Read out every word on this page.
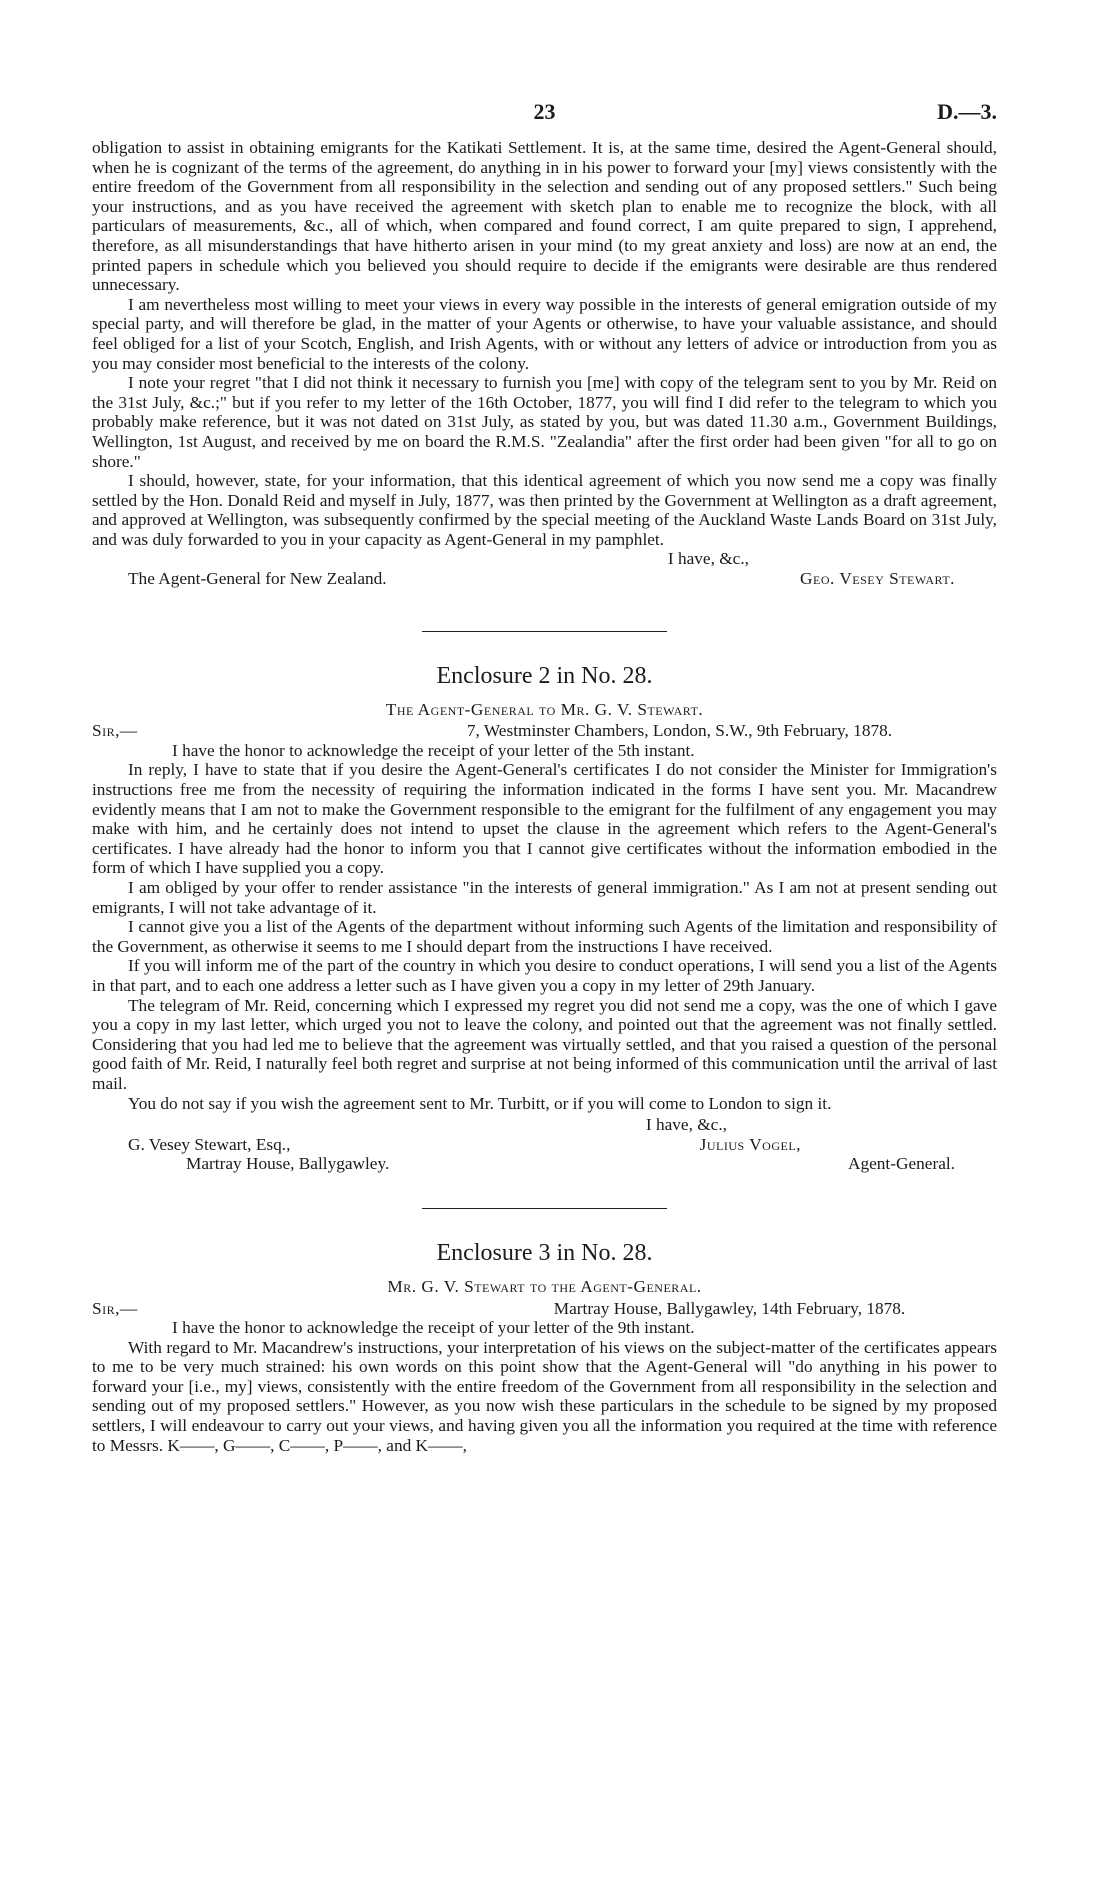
23	D.—3.

obligation to assist in obtaining emigrants for the Katikati Settlement. It is, at the same time, desired the Agent-General should, when he is cognizant of the terms of the agreement, do anything in in his power to forward your [my] views consistently with the entire freedom of the Government from all responsibility in the selection and sending out of any proposed settlers." Such being your instructions, and as you have received the agreement with sketch plan to enable me to recognize the block, with all particulars of measurements, &c., all of which, when compared and found correct, I am quite prepared to sign, I apprehend, therefore, as all misunderstandings that have hitherto arisen in your mind (to my great anxiety and loss) are now at an end, the printed papers in schedule which you believed you should require to decide if the emigrants were desirable are thus rendered unnecessary.

I am nevertheless most willing to meet your views in every way possible in the interests of general emigration outside of my special party, and will therefore be glad, in the matter of your Agents or otherwise, to have your valuable assistance, and should feel obliged for a list of your Scotch, English, and Irish Agents, with or without any letters of advice or introduction from you as you may consider most beneficial to the interests of the colony.

I note your regret "that I did not think it necessary to furnish you [me] with copy of the telegram sent to you by Mr. Reid on the 31st July, &c.;" but if you refer to my letter of the 16th October, 1877, you will find I did refer to the telegram to which you probably make reference, but it was not dated on 31st July, as stated by you, but was dated 11.30 a.m., Government Buildings, Wellington, 1st August, and received by me on board the R.M.S. "Zealandia" after the first order had been given "for all to go on shore."

I should, however, state, for your information, that this identical agreement of which you now send me a copy was finally settled by the Hon. Donald Reid and myself in July, 1877, was then printed by the Government at Wellington as a draft agreement, and approved at Wellington, was subsequently confirmed by the special meeting of the Auckland Waste Lands Board on 31st July, and was duly forwarded to you in your capacity as Agent-General in my pamphlet.

I have, &c.,
The Agent-General for New Zealand.	Geo. Vesey Stewart.
Enclosure 2 in No. 28.
The Agent-General to Mr. G. V. Stewart.
Sir,—	7, Westminster Chambers, London, S.W., 9th February, 1878.

I have the honor to acknowledge the receipt of your letter of the 5th instant.

In reply, I have to state that if you desire the Agent-General's certificates I do not consider the Minister for Immigration's instructions free me from the necessity of requiring the information indicated in the forms I have sent you. Mr. Macandrew evidently means that I am not to make the Government responsible to the emigrant for the fulfilment of any engagement you may make with him, and he certainly does not intend to upset the clause in the agreement which refers to the Agent-General's certificates. I have already had the honor to inform you that I cannot give certificates without the information embodied in the form of which I have supplied you a copy.

I am obliged by your offer to render assistance "in the interests of general immigration." As I am not at present sending out emigrants, I will not take advantage of it.

I cannot give you a list of the Agents of the department without informing such Agents of the limitation and responsibility of the Government, as otherwise it seems to me I should depart from the instructions I have received.

If you will inform me of the part of the country in which you desire to conduct operations, I will send you a list of the Agents in that part, and to each one address a letter such as I have given you a copy in my letter of 29th January.

The telegram of Mr. Reid, concerning which I expressed my regret you did not send me a copy, was the one of which I gave you a copy in my last letter, which urged you not to leave the colony, and pointed out that the agreement was not finally settled. Considering that you had led me to believe that the agreement was virtually settled, and that you raised a question of the personal good faith of Mr. Reid, I naturally feel both regret and surprise at not being informed of this communication until the arrival of last mail.

You do not say if you wish the agreement sent to Mr. Turbitt, or if you will come to London to sign it.

I have, &c.,
G. Vesey Stewart, Esq.,	Julius Vogel,
Martray House, Ballygawley.	Agent-General.
Enclosure 3 in No. 28.
Mr. G. V. Stewart to the Agent-General.
Sir,—	Martray House, Ballygawley, 14th February, 1878.

I have the honor to acknowledge the receipt of your letter of the 9th instant.

With regard to Mr. Macandrew's instructions, your interpretation of his views on the subject-matter of the certificates appears to me to be very much strained: his own words on this point show that the Agent-General will "do anything in his power to forward your [i.e., my] views, consistently with the entire freedom of the Government from all responsibility in the selection and sending out of my proposed settlers." However, as you now wish these particulars in the schedule to be signed by my proposed settlers, I will endeavour to carry out your views, and having given you all the information you required at the time with reference to Messrs. K——, G——, C——, P——, and K——,
